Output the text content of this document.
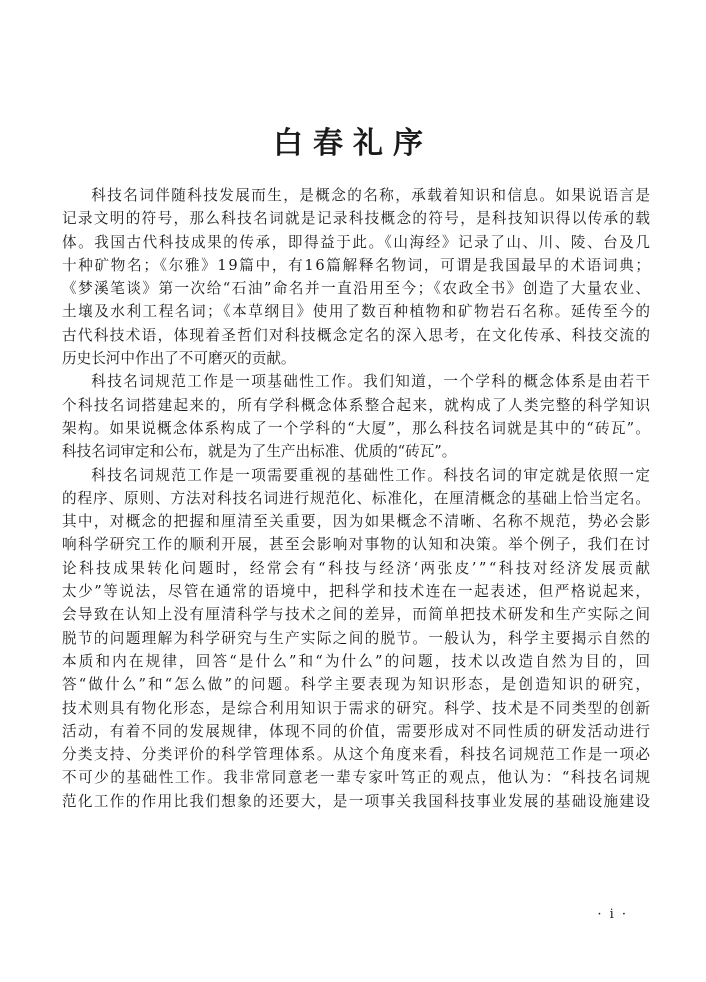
白春礼序
科技名词伴随科技发展而生，是概念的名称，承载着知识和信息。如果说语言是
记录文明的符号，那么科技名词就是记录科技概念的符号，是科技知识得以传承的载
体。我国古代科技成果的传承，即得益于此。《山海经》记录了山、川、陵、台及几
十种矿物名；《尔雅》19篇中，有16篇解释名物词，可谓是我国最早的术语词典；
《梦溪笔谈》第一次给“石油”命名并一直沿用至今；《农政全书》创造了大量农业、
土壤及水利工程名词；《本草纲目》使用了数百种植物和矿物岩石名称。延传至今的
古代科技术语，体现着圣哲们对科技概念定名的深入思考，在文化传承、科技交流的
历史长河中作出了不可磨灭的贡献。
科技名词规范工作是一项基础性工作。我们知道，一个学科的概念体系是由若干
个科技名词搭建起来的，所有学科概念体系整合起来，就构成了人类完整的科学知识
架构。如果说概念体系构成了一个学科的“大厦”，那么科技名词就是其中的“砖瓦”。
科技名词审定和公布，就是为了生产出标准、优质的“砖瓦”。
科技名词规范工作是一项需要重视的基础性工作。科技名词的审定就是依照一定
的程序、原则、方法对科技名词进行规范化、标准化，在厘清概念的基础上恰当定名。
其中，对概念的把握和厘清至关重要，因为如果概念不清晰、名称不规范，势必会影
响科学研究工作的顺利开展，甚至会影响对事物的认知和决策。举个例子，我们在讨
论科技成果转化问题时，经常会有“科技与经济‘两张皮’”“科技对经济发展贡献
太少”等说法，尽管在通常的语境中，把科学和技术连在一起表述，但严格说起来，
会导致在认知上没有厘清科学与技术之间的差异，而简单把技术研发和生产实际之间
脱节的问题理解为科学研究与生产实际之间的脱节。一般认为，科学主要揭示自然的
本质和内在规律，回答“是什么”和“为什么”的问题，技术以改造自然为目的，回
答“做什么”和“怎么做”的问题。科学主要表现为知识形态，是创造知识的研究，
技术则具有物化形态，是综合利用知识于需求的研究。科学、技术是不同类型的创新
活动，有着不同的发展规律，体现不同的价值，需要形成对不同性质的研发活动进行
分类支持、分类评价的科学管理体系。从这个角度来看，科技名词规范工作是一项必
不可少的基础性工作。我非常同意老一辈专家叶笃正的观点，他认为：“科技名词规
范化工作的作用比我们想象的还要大，是一项事关我国科技事业发展的基础设施建设
· i ·
